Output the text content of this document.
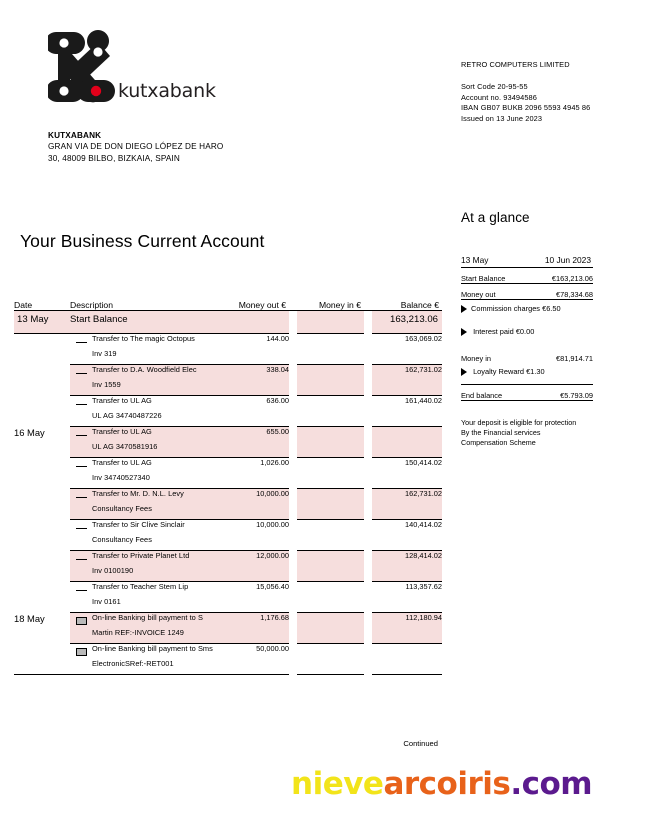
kutxabank
KUTXABANK
GRAN VIA DE DON DIEGO LÓPEZ DE HARO
30, 48009 BILBO, BIZKAIA, SPAIN
RETRO COMPUTERS LIMITED
Sort Code 20-95-55
Account no. 93494586
IBAN GB07 BUKB 2096 5593 4945 86
Issued on 13 June 2023
Your Business Current Account
Date	Description		Money out €		Money in €		Balance €
13 May	Start Balance						163,213.06
		Transfer to The magic Octopus	144.00				163,069.02
		Inv 319					
		Transfer to D.A. Woodfield Elec	338.04				162,731.02
		Inv 1559					
		Transfer to UL AG	636.00				161,440.02
		UL AG 34740487226					
16 May		Transfer to UL AG	655.00				
		UL AG 3470581916					
		Transfer to UL AG	1,026.00				150,414.02
		Inv 34740527340					
		Transfer to Mr. D. N.L. Levy	10,000.00				162,731.02
		Consultancy Fees					
		Transfer to Sir Clive Sinclair	10,000.00				140,414.02
		Consultancy Fees					
		Transfer to Private Planet Ltd	12,000.00				128,414.02
		Inv 0100190					
		Transfer to Teacher Stem Lip	15,056.40				113,357.62
		Inv 0161					
18 May		On-line Banking bill payment to S	1,176.68				112,180.94
		Martin REF:-INVOICE 1249					

	On-line Banking bill payment to Sms	50,000.00				
		ElectronicSRef:-RET001					

Continued
At a glance
13 May	10 Jun 2023
Start Balance	€163,213.06
Money out	€78,334.68
Commission charges €6.50
Interest paid €0.00
Money in	€81,914.71
Loyalty Reward €1.30
End balance	€5.793.09
Your deposit is eligible for protection
By the Financial services
Compensation Scheme
nievearcoiris.com
